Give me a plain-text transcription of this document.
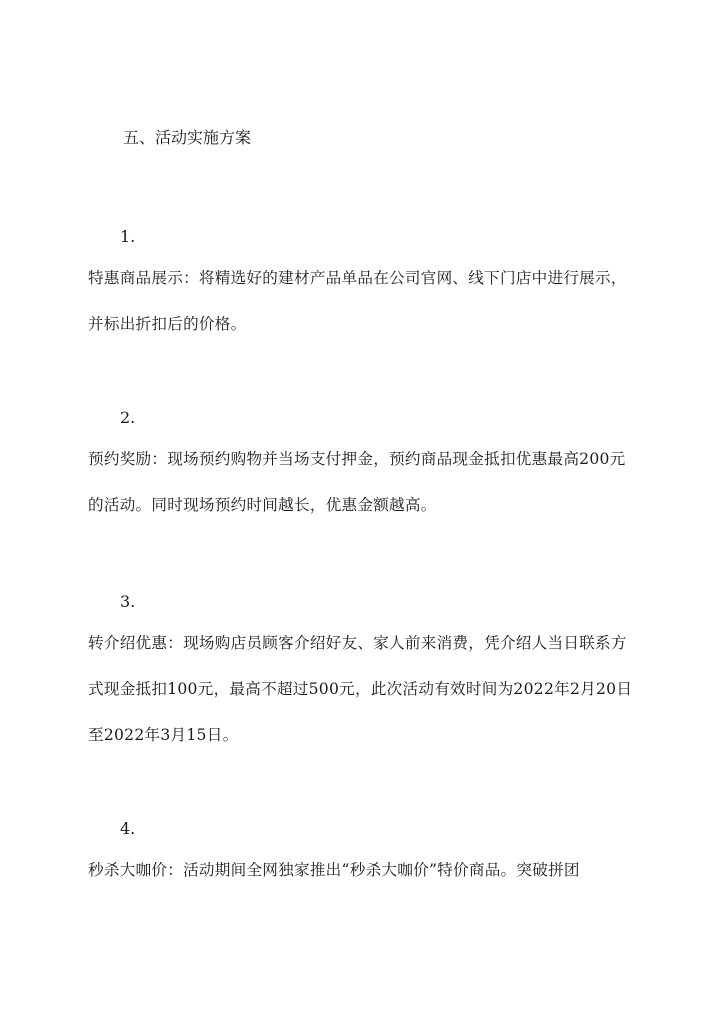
五、活动实施方案
1.

特惠商品展示：将精选好的建材产品单品在公司官网、线下门店中进行展示，并标出折扣后的价格。

2.

预约奖励：现场预约购物并当场支付押金，预约商品现金抵扣优惠最高200元的活动。同时现场预约时间越长，优惠金额越高。

3.

转介绍优惠：现场购店员顾客介绍好友、家人前来消费，凭介绍人当日联系方式现金抵扣100元，最高不超过500元，此次活动有效时间为2022年2月20日至2022年3月15日。

4.

秒杀大咖价：活动期间全网独家推出“秒杀大咖价”特价商品。突破拼团
